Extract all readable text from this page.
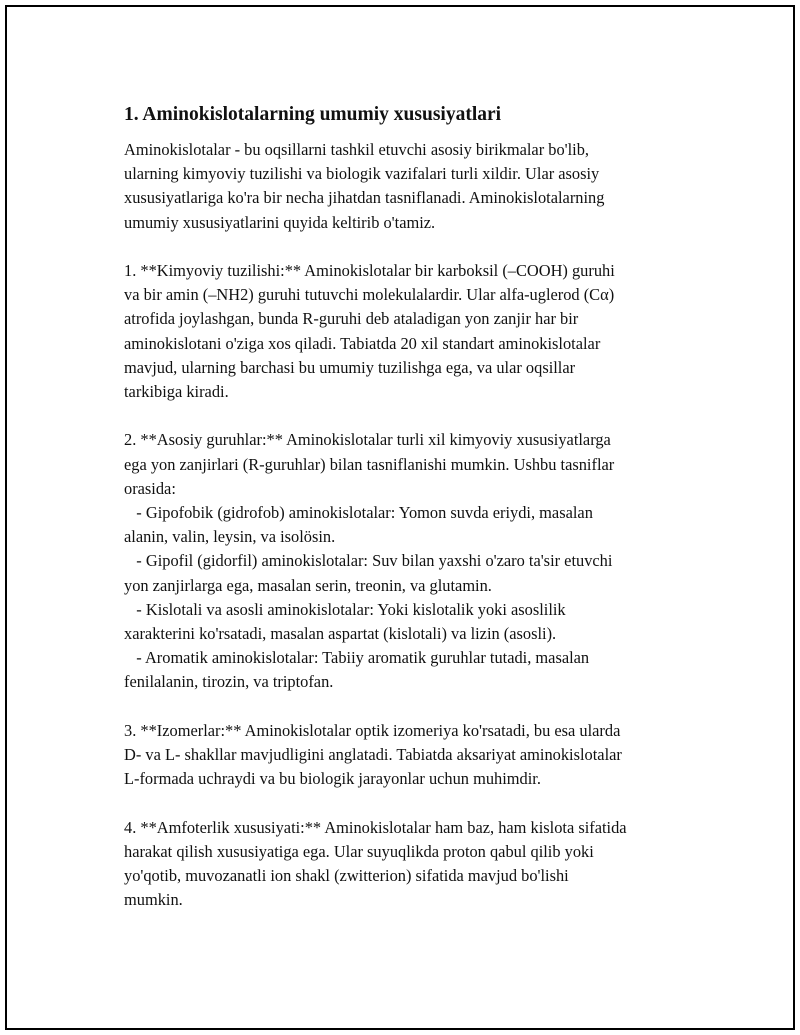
1. Aminokislotalarning umumiy xususiyatlari
Aminokislotalar - bu oqsillarni tashkil etuvchi asosiy birikmalar bo'lib,
ularning kimyoviy tuzilishi va biologik vazifalari turli xildir. Ular asosiy
xususiyatlariga ko'ra bir necha jihatdan tasniflanadi. Aminokislotalarning
umumiy xususiyatlarini quyida keltirib o'tamiz.
1. **Kimyoviy tuzilishi:** Aminokislotalar bir karboksil (–COOH) guruhi
va bir amin (–NH2) guruhi tutuvchi molekulalardir. Ular alfa-uglerod (Cα)
atrofida joylashgan, bunda R-guruhi deb ataladigan yon zanjir har bir
aminokislotani o'ziga xos qiladi. Tabiatda 20 xil standart aminokislotalar
mavjud, ularning barchasi bu umumiy tuzilishga ega, va ular oqsillar
tarkibiga kiradi.
2. **Asosiy guruhlar:** Aminokislotalar turli xil kimyoviy xususiyatlarga
ega yon zanjirlari (R-guruhlar) bilan tasniflanishi mumkin. Ushbu tasniflar
orasida:
- Gipofobik (gidrofob) aminokislotalar: Yomon suvda eriydi, masalan
alanin, valin, leysin, va isolösin.
- Gipofil (gidorfil) aminokislotalar: Suv bilan yaxshi o'zaro ta'sir etuvchi
yon zanjirlarga ega, masalan serin, treonin, va glutamin.
- Kislotali va asosli aminokislotalar: Yoki kislotalik yoki asoslilik
xarakterini ko'rsatadi, masalan aspartat (kislotali) va lizin (asosli).
- Aromatik aminokislotalar: Tabiiy aromatik guruhlar tutadi, masalan
fenilalanin, tirozin, va triptofan.
3. **Izomerlar:** Aminokislotalar optik izomeriya ko'rsatadi, bu esa ularda
D- va L- shakllar mavjudligini anglatadi. Tabiatda aksariyat aminokislotalar
L-formada uchraydi va bu biologik jarayonlar uchun muhimdir.
4. **Amfoterlik xususiyati:** Aminokislotalar ham baz, ham kislota sifatida
harakat qilish xususiyatiga ega. Ular suyuqlikda proton qabul qilib yoki
yo'qotib, muvozanatli ion shakl (zwitterion) sifatida mavjud bo'lishi
mumkin.
